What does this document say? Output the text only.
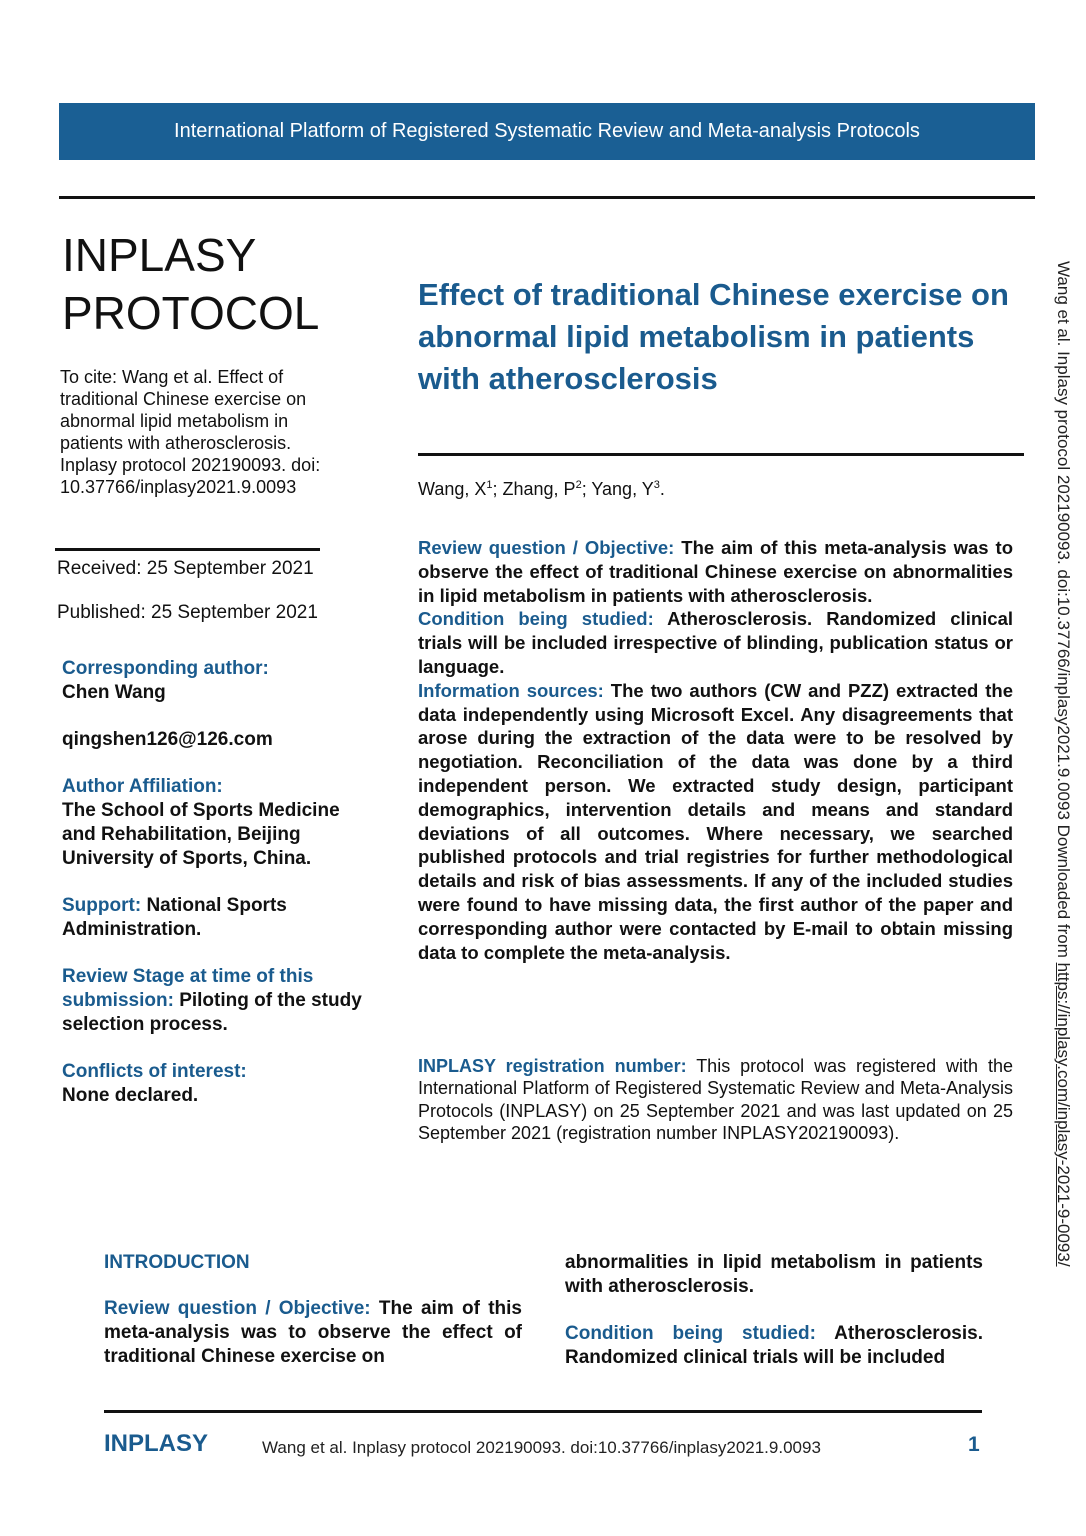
International Platform of Registered Systematic Review and Meta-analysis Protocols
INPLASY
PROTOCOL
To cite: Wang et al. Effect of traditional Chinese exercise on abnormal lipid metabolism in patients with atherosclerosis. Inplasy protocol 202190093. doi: 10.37766/inplasy2021.9.0093

Received: 25 September 2021

Published: 25 September 2021

Corresponding author:
Chen Wang

qingshen126@126.com

Author Affiliation:
The School of Sports Medicine and Rehabilitation, Beijing University of Sports, China.

Support: National Sports Administration.

Review Stage at time of this submission: Piloting of the study selection process.

Conflicts of interest:
None declared.

Effect of traditional Chinese exercise on abnormal lipid metabolism in patients with atherosclerosis
Wang, $X^1$; Zhang, $P^2$; Yang, $Y^3$.

Review question / Objective: The aim of this meta-analysis was to observe the effect of traditional Chinese exercise on abnormalities in lipid metabolism in patients with atherosclerosis.

Condition being studied: Atherosclerosis. Randomized clinical trials will be included irrespective of blinding, publication status or language.

Information sources: The two authors (CW and PZZ) extracted the data independently using Microsoft Excel. Any disagreements that arose during the extraction of the data were to be resolved by negotiation. Reconciliation of the data was done by a third independent person. We extracted study design, participant demographics, intervention details and means and standard deviations of all outcomes. Where necessary, we searched published protocols and trial registries for further methodological details and risk of bias assessments. If any of the included studies were found to have missing data, the first author of the paper and corresponding author were contacted by E-mail to obtain missing data to complete the meta-analysis.

INPLASY registration number: This protocol was registered with the International Platform of Registered Systematic Review and Meta-Analysis Protocols (INPLASY) on 25 September 2021 and was last updated on 25 September 2021 (registration number INPLASY202190093).

INTRODUCTION

Review question / Objective: The aim of this meta-analysis was to observe the effect of traditional Chinese exercise on

abnormalities in lipid metabolism in patients with atherosclerosis.

Condition being studied: Atherosclerosis. Randomized clinical trials will be included

INPLASY	Wang et al. Inplasy protocol 202190093. doi:10.37766/inplasy2021.9.0093	1
Wang et al. Inplasy protocol 202190093. doi:10.37766/inplasy2021.9.0093 Downloaded from https://inplasy.com/inplasy-2021-9-0093/
